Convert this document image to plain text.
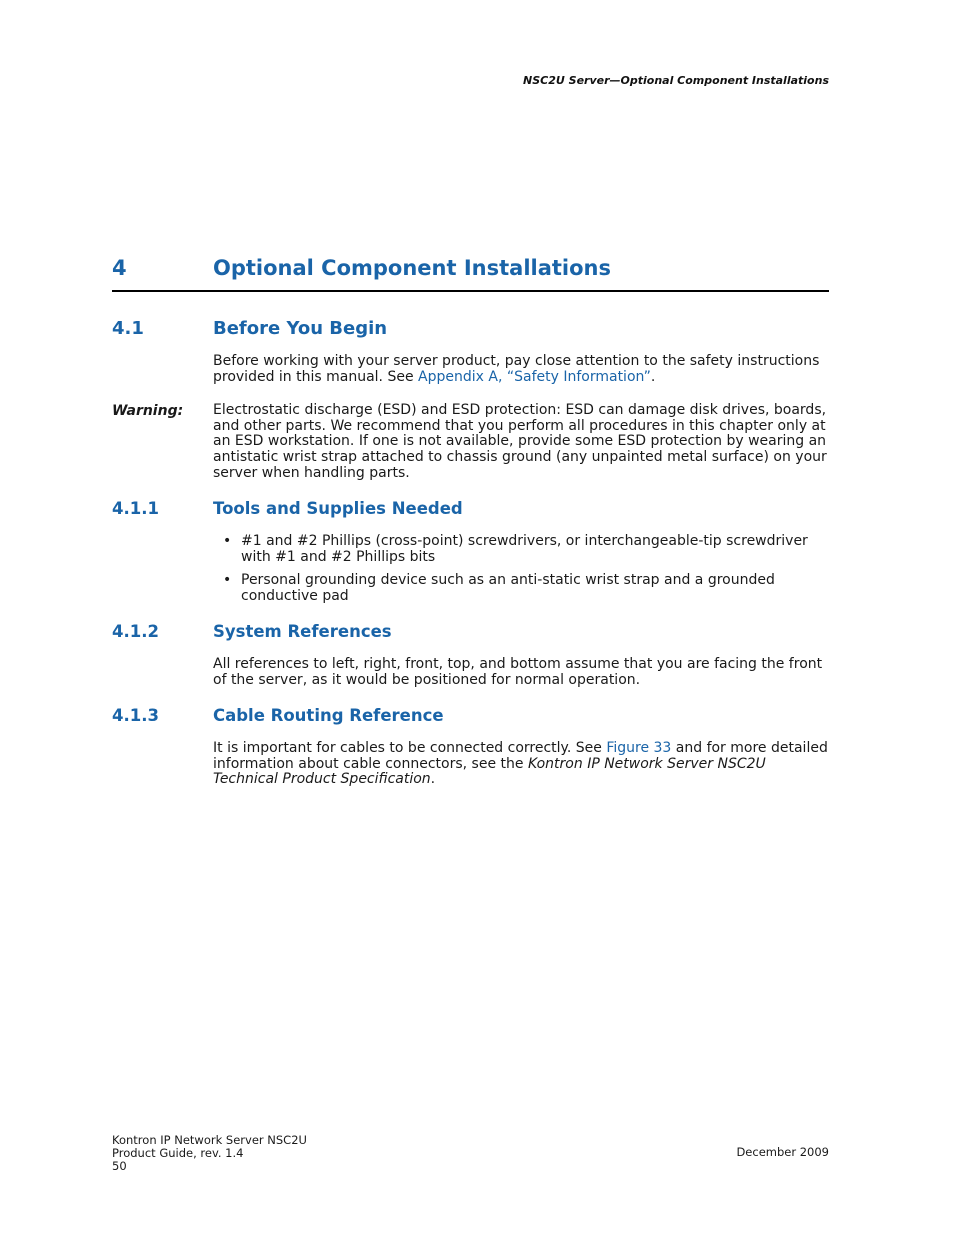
NSC2U Server—Optional Component Installations
4	Optional Component Installations
4.1	Before You Begin
Before working with your server product, pay close attention to the safety instructions provided in this manual. See Appendix A, “Safety Information”.
Warning: Electrostatic discharge (ESD) and ESD protection: ESD can damage disk drives, boards, and other parts. We recommend that you perform all procedures in this chapter only at an ESD workstation. If one is not available, provide some ESD protection by wearing an antistatic wrist strap attached to chassis ground (any unpainted metal surface) on your server when handling parts.
4.1.1	Tools and Supplies Needed
• #1 and #2 Phillips (cross-point) screwdrivers, or interchangeable-tip screwdriver with #1 and #2 Phillips bits
• Personal grounding device such as an anti-static wrist strap and a grounded conductive pad
4.1.2	System References
All references to left, right, front, top, and bottom assume that you are facing the front of the server, as it would be positioned for normal operation.
4.1.3	Cable Routing Reference
It is important for cables to be connected correctly. See Figure 33 and for more detailed information about cable connectors, see the Kontron IP Network Server NSC2U Technical Product Specification.
Kontron IP Network Server NSC2U
Product Guide, rev. 1.4
50
December 2009
